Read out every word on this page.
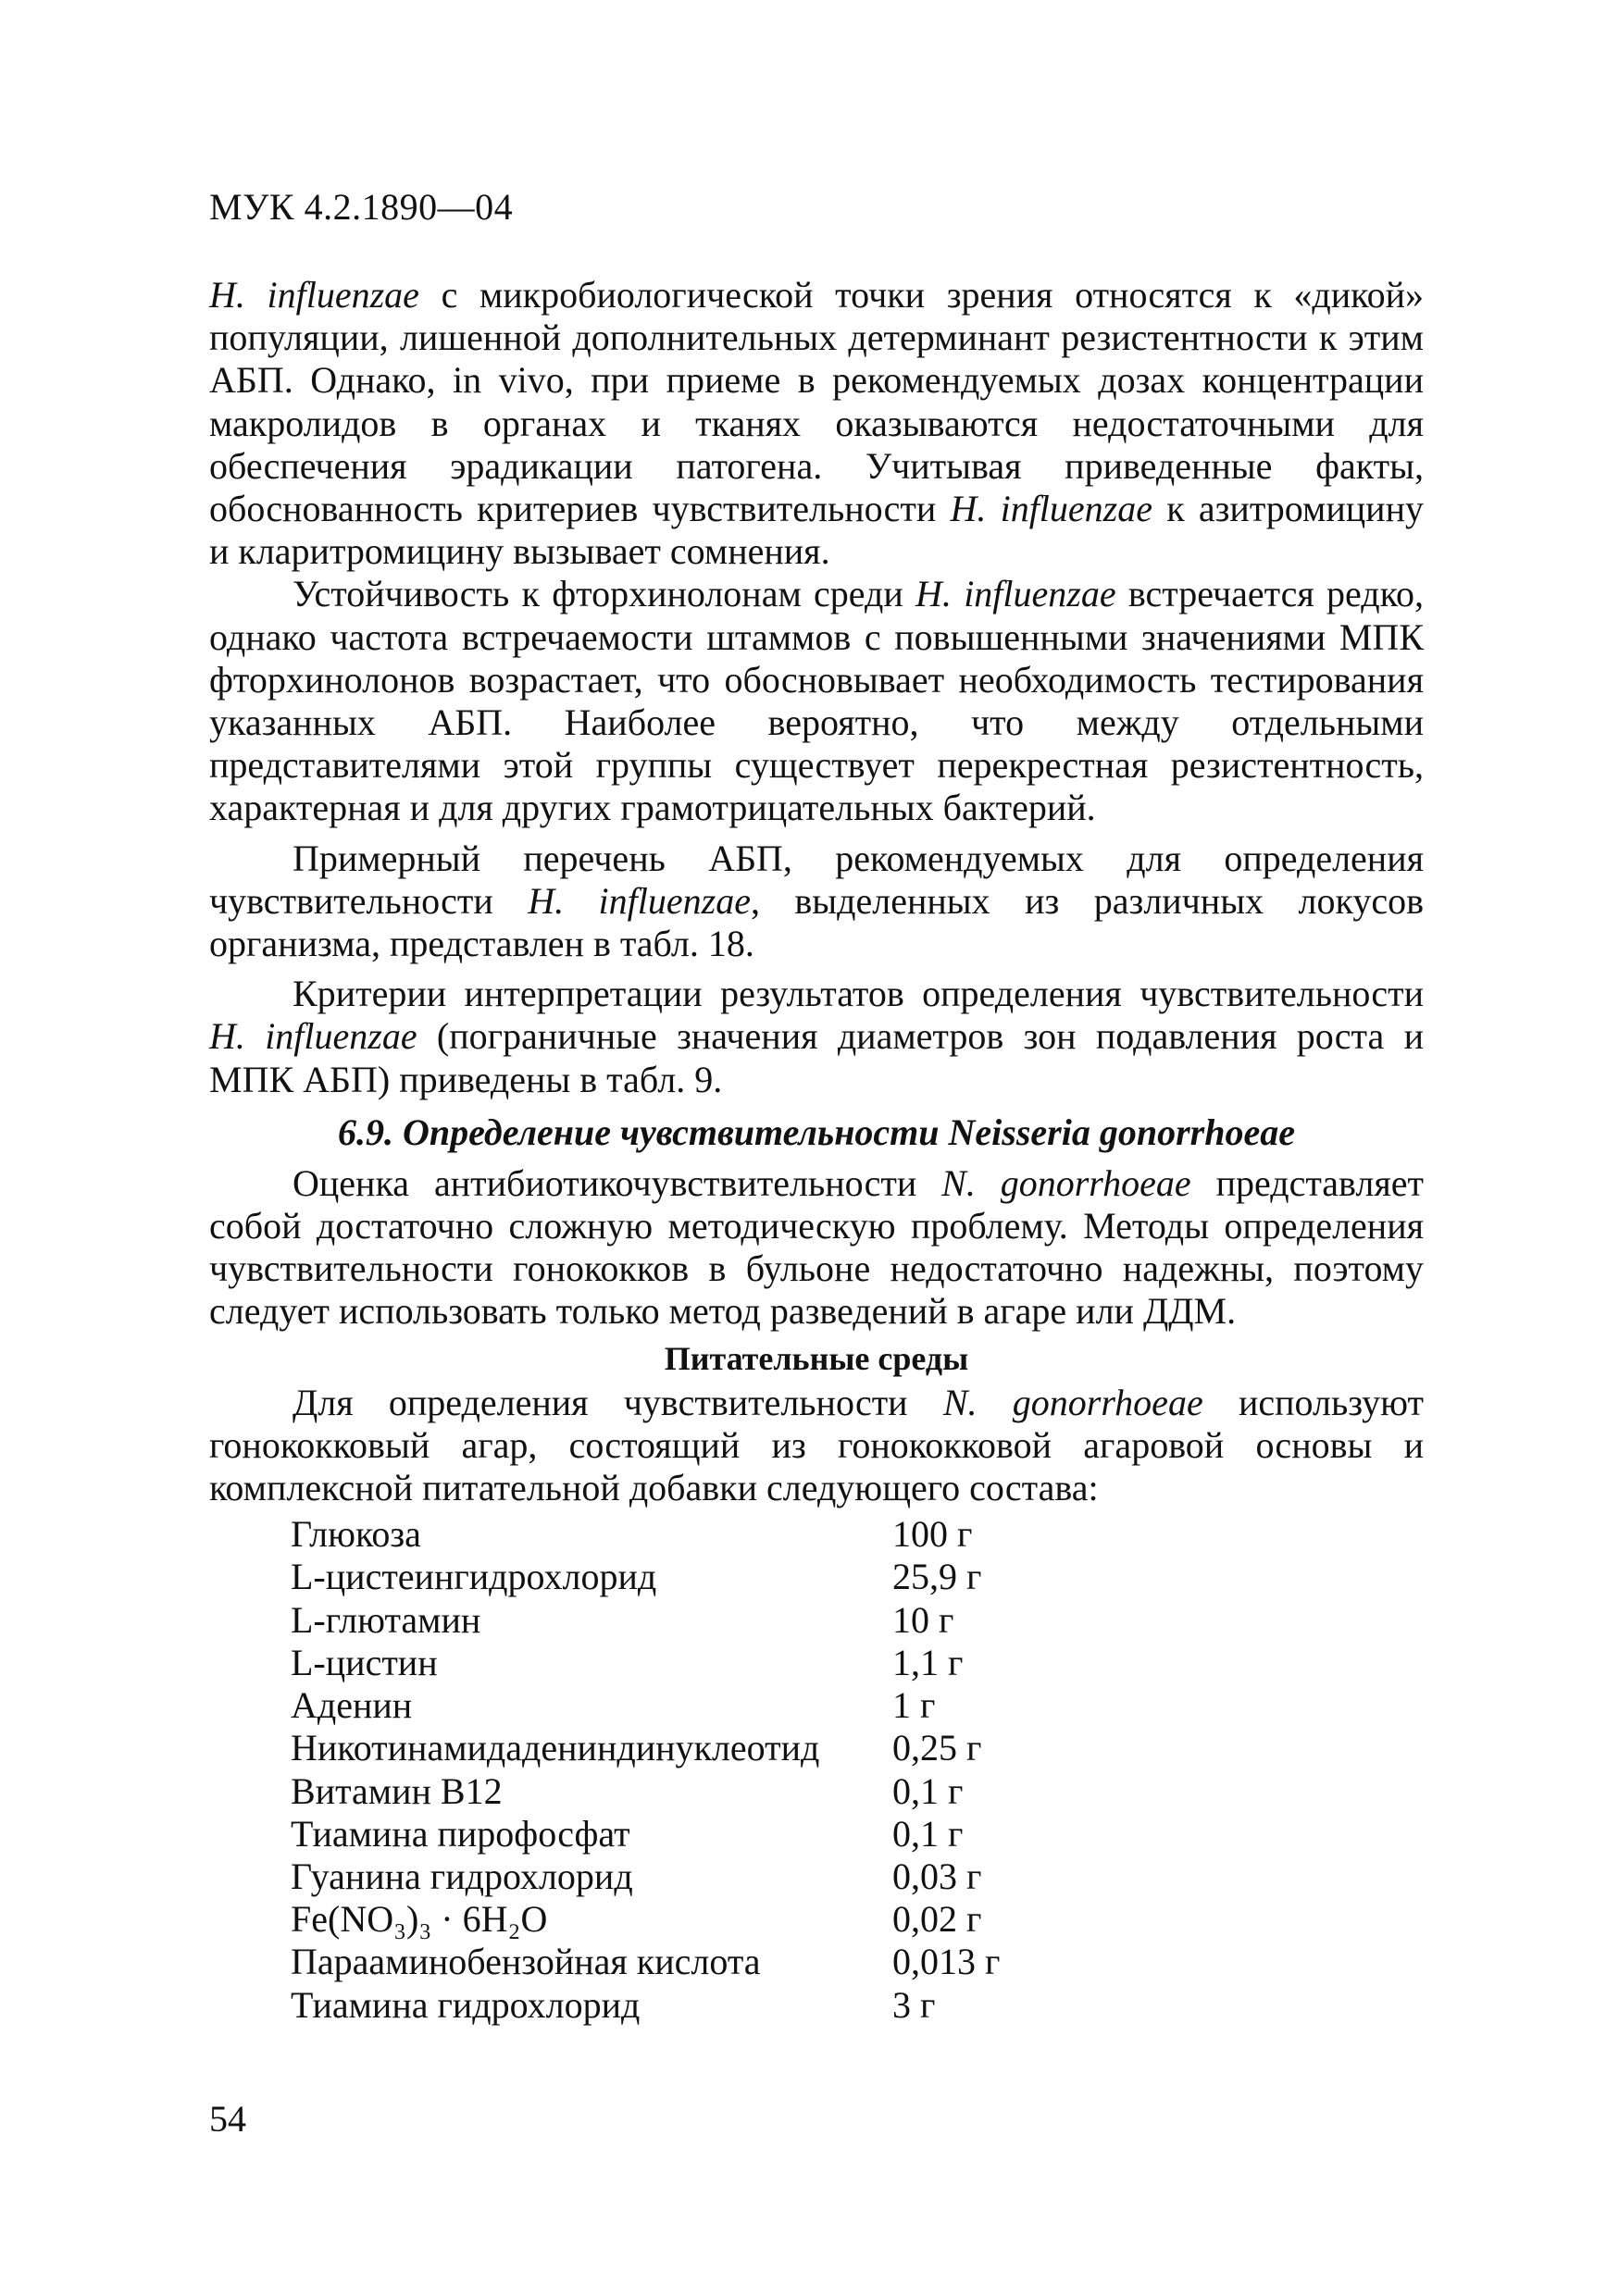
МУК 4.2.1890—04

H. influenzae с микробиологической точки зрения относятся к «дикой» популяции, лишенной дополнительных детерминант резистентности к этим АБП. Однако, in vivo, при приеме в рекомендуемых дозах концентрации макролидов в органах и тканях оказываются недостаточными для обеспечения эрадикации патогена. Учитывая приведенные факты, обоснованность критериев чувствительности H. influenzae к азитромицину и кларитромицину вызывает сомнения.

Устойчивость к фторхинолонам среди H. influenzae встречается редко, однако частота встречаемости штаммов с повышенными значениями МПК фторхинолонов возрастает, что обосновывает необходимость тестирования указанных АБП. Наиболее вероятно, что между отдельными представителями этой группы существует перекрестная резистентность, характерная и для других грамотрицательных бактерий.

Примерный перечень АБП, рекомендуемых для определения чувствительности H. influenzae, выделенных из различных локусов организма, представлен в табл. 18.

Критерии интерпретации результатов определения чувствительности H. influenzae (пограничные значения диаметров зон подавления роста и МПК АБП) приведены в табл. 9.

6.9. Определение чувствительности Neisseria gonorrhoeae

Оценка антибиотикочувствительности N. gonorrhoeae представляет собой достаточно сложную методическую проблему. Методы определения чувствительности гонококков в бульоне недостаточно надежны, поэтому следует использовать только метод разведений в агаре или ДДМ.

Питательные среды

Для определения чувствительности N. gonorrhoeae используют гонококковый агар, состоящий из гонококковой агаровой основы и комплексной питательной добавки следующего состава:

Глюкоза	100 г
L-цистеингидрохлорид	25,9 г
L-глютамин	10 г
L-цистин	1,1 г
Аденин	1 г
Никотинамидадениндинуклеотид	0,25 г
Витамин В12	0,1 г
Тиамина пирофосфат	0,1 г
Гуанина гидрохлорид	0,03 г
Fe(NO₃)₃ · 6H₂O	0,02 г
Парааминобензойная кислота	0,013 г
Тиамина гидрохлорид	3 г
54
